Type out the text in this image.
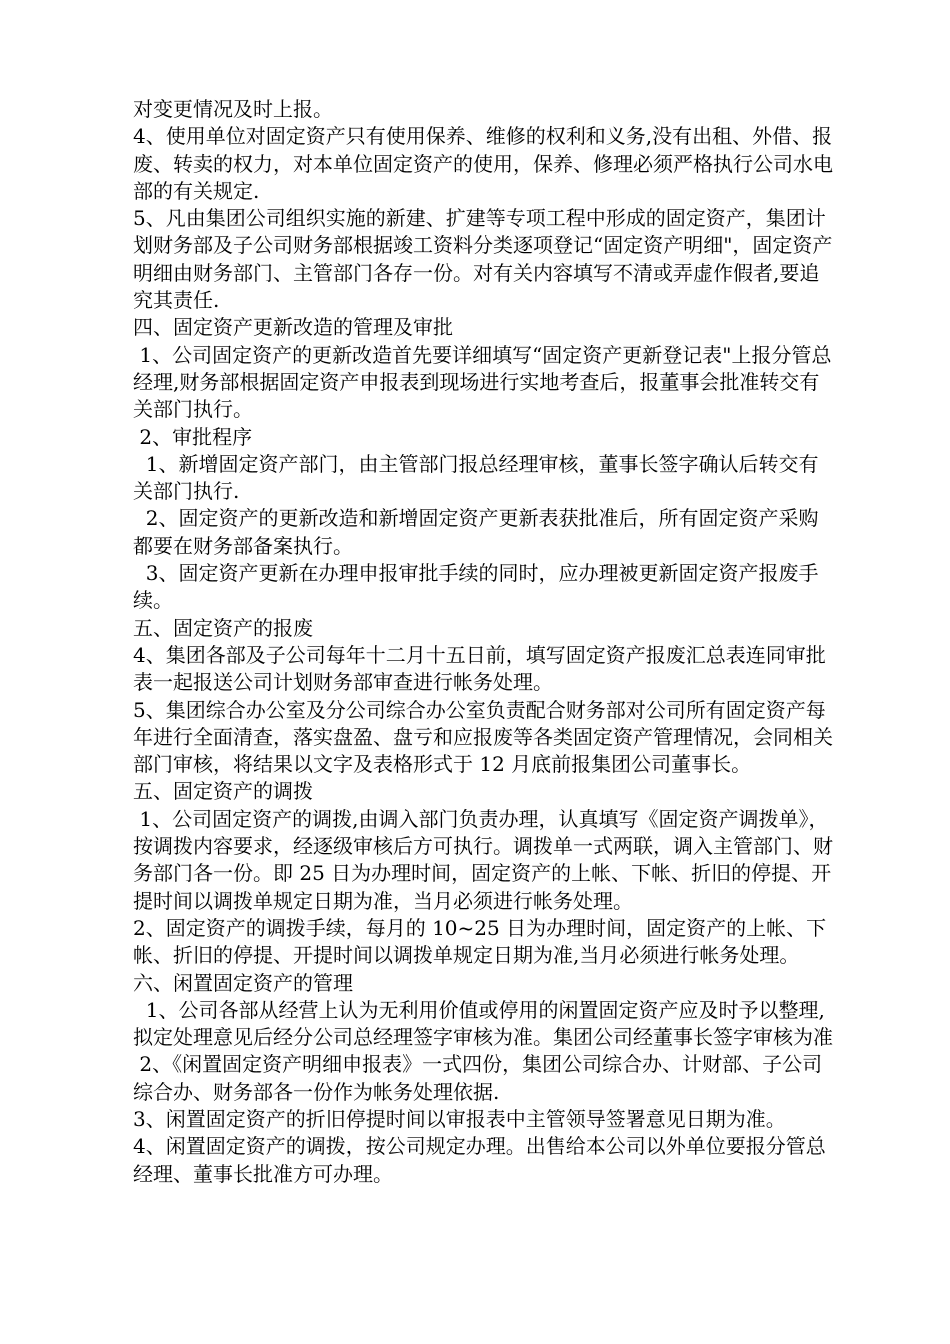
对变更情况及时上报。

4、使用单位对固定资产只有使用保养、维修的权利和义务,没有出租、外借、报废、转卖的权力，对本单位固定资产的使用，保养、修理必须严格执行公司水电部的有关规定.

5、凡由集团公司组织实施的新建、扩建等专项工程中形成的固定资产，集团计划财务部及子公司财务部根据竣工资料分类逐项登记“固定资产明细"，固定资产明细由财务部门、主管部门各存一份。对有关内容填写不清或弄虚作假者,要追究其责任.

四、固定资产更新改造的管理及审批

1、公司固定资产的更新改造首先要详细填写“固定资产更新登记表"上报分管总经理,财务部根据固定资产申报表到现场进行实地考查后，报董事会批准转交有关部门执行。

2、审批程序

1、新增固定资产部门，由主管部门报总经理审核，董事长签字确认后转交有关部门执行.

2、固定资产的更新改造和新增固定资产更新表获批准后，所有固定资产采购都要在财务部备案执行。

3、固定资产更新在办理申报审批手续的同时，应办理被更新固定资产报废手续。

五、固定资产的报废

4、集团各部及子公司每年十二月十五日前，填写固定资产报废汇总表连同审批表一起报送公司计划财务部审查进行帐务处理。

5、集团综合办公室及分公司综合办公室负责配合财务部对公司所有固定资产每年进行全面清查，落实盘盈、盘亏和应报废等各类固定资产管理情况，会同相关部门审核，将结果以文字及表格形式于 12 月底前报集团公司董事长。

五、固定资产的调拨

1、公司固定资产的调拨,由调入部门负责办理，认真填写《固定资产调拨单》，按调拨内容要求，经逐级审核后方可执行。调拨单一式两联，调入主管部门、财务部门各一份。即 25 日为办理时间，固定资产的上帐、下帐、折旧的停提、开提时间以调拨单规定日期为准，当月必须进行帐务处理。

2、固定资产的调拨手续，每月的 10~25 日为办理时间，固定资产的上帐、下帐、折旧的停提、开提时间以调拨单规定日期为准,当月必须进行帐务处理。

六、闲置固定资产的管理

1、公司各部从经营上认为无利用价值或停用的闲置固定资产应及时予以整理,拟定处理意见后经分公司总经理签字审核为准。集团公司经董事长签字审核为准

2、《闲置固定资产明细申报表》一式四份，集团公司综合办、计财部、子公司综合办、财务部各一份作为帐务处理依据.

3、闲置固定资产的折旧停提时间以审报表中主管领导签署意见日期为准。

4、闲置固定资产的调拨，按公司规定办理。出售给本公司以外单位要报分管总经理、董事长批准方可办理。
